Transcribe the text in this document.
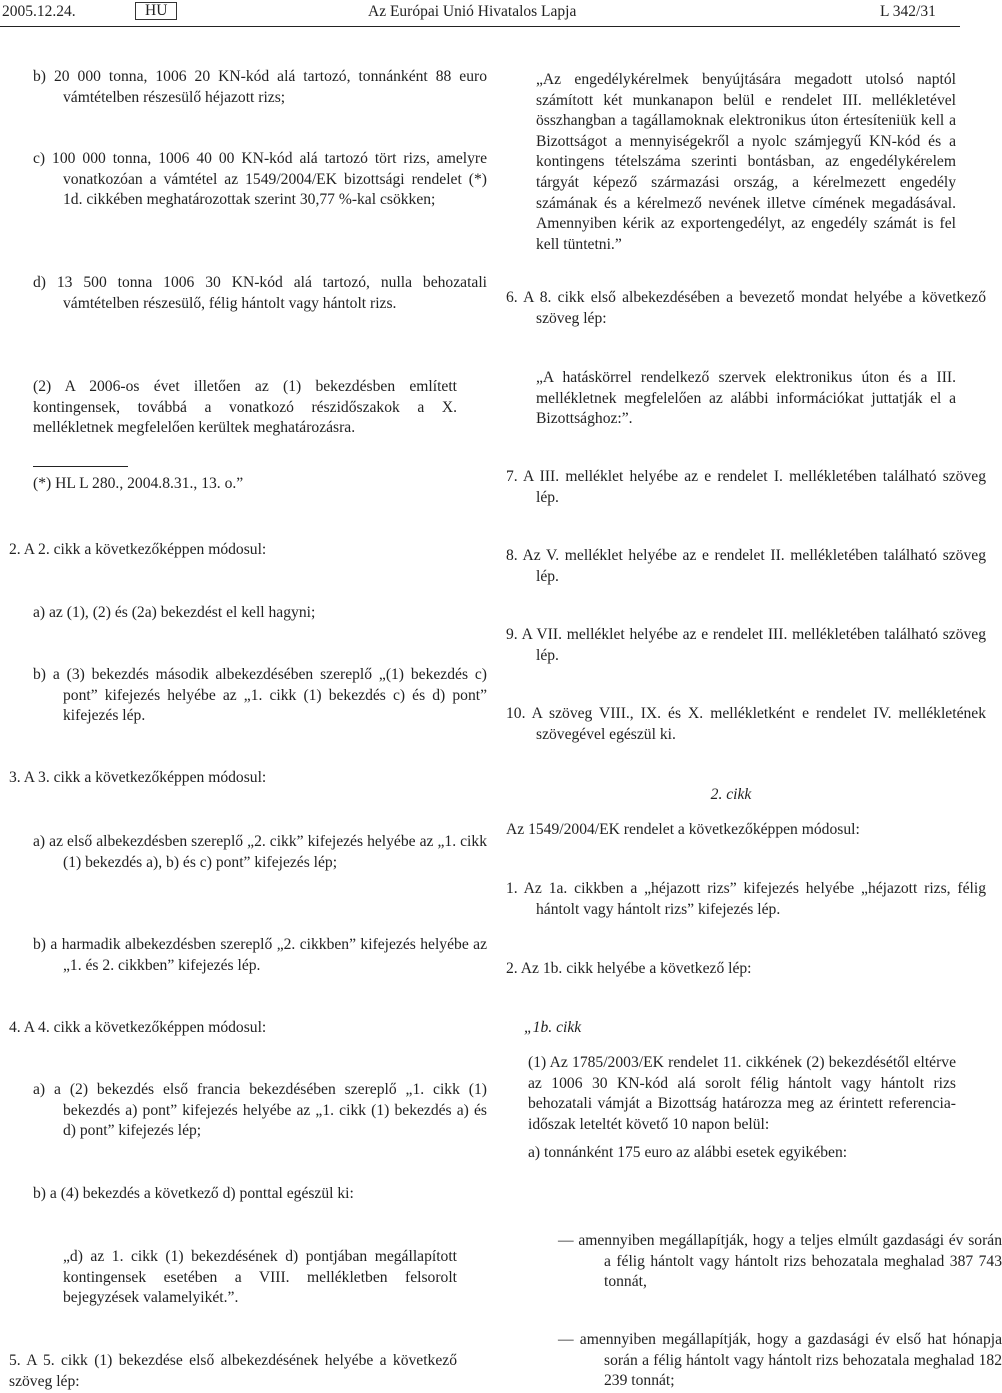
2005.12.24.	HU	Az Európai Unió Hivatalos Lapja	L 342/31
b) 20 000 tonna, 1006 20 KN-kód alá tartozó, tonnánként 88 euro vámtételben részesülő héjazott rizs;
c) 100 000 tonna, 1006 40 00 KN-kód alá tartozó tört rizs, amelyre vonatkozóan a vámtétel az 1549/2004/EK bizottsági rendelet (*) 1d. cikkében meghatározottak szerint 30,77 %-kal csökken;
d) 13 500 tonna 1006 30 KN-kód alá tartozó, nulla behozatali vámtételben részesülő, félig hántolt vagy hántolt rizs.
(2) A 2006-os évet illetően az (1) bekezdésben említett kontingensek, továbbá a vonatkozó részidőszakok a X. mellékletnek megfelelően kerültek meghatározásra.
(*) HL L 280., 2004.8.31., 13. o.”
2. A 2. cikk a következőképpen módosul:
a) az (1), (2) és (2a) bekezdést el kell hagyni;
b) a (3) bekezdés második albekezdésében szereplő „(1) bekezdés c) pont” kifejezés helyébe az „1. cikk (1) bekezdés c) és d) pont” kifejezés lép.
3. A 3. cikk a következőképpen módosul:
a) az első albekezdésben szereplő „2. cikk” kifejezés helyébe az „1. cikk (1) bekezdés a), b) és c) pont” kifejezés lép;
b) a harmadik albekezdésben szereplő „2. cikkben” kifejezés helyébe az „1. és 2. cikkben” kifejezés lép.
4. A 4. cikk a következőképpen módosul:
a) a (2) bekezdés első francia bekezdésében szereplő „1. cikk (1) bekezdés a) pont” kifejezés helyébe az „1. cikk (1) bekezdés a) és d) pont” kifejezés lép;
b) a (4) bekezdés a következő d) ponttal egészül ki:
„d) az 1. cikk (1) bekezdésének d) pontjában megállapított kontingensek esetében a VIII. mellékletben felsorolt bejegyzések valamelyikét.”.
5. A 5. cikk (1) bekezdése első albekezdésének helyébe a következő szöveg lép:
„Az engedélykérelmek benyújtására megadott utolsó naptól számított két munkanapon belül e rendelet III. mellékletével összhangban a tagállamoknak elektronikus úton értesíteniük kell a Bizottságot a mennyiségekről a nyolc számjegyű KN-kód és a kontingens tételszáma szerinti bontásban, az engedélykérelem tárgyát képező származási ország, a kérelmezett engedély számának és a kérelmező nevének illetve címének megadásával. Amennyiben kérik az exportengedélyt, az engedély számát is fel kell tüntetni.”
6. A 8. cikk első albekezdésében a bevezető mondat helyébe a következő szöveg lép:
„A hatáskörrel rendelkező szervek elektronikus úton és a III. mellékletnek megfelelően az alábbi információkat juttatják el a Bizottsághoz:”.
7. A III. melléklet helyébe az e rendelet I. mellékletében található szöveg lép.
8. Az V. melléklet helyébe az e rendelet II. mellékletében található szöveg lép.
9. A VII. melléklet helyébe az e rendelet III. mellékletében található szöveg lép.
10. A szöveg VIII., IX. és X. mellékletként e rendelet IV. mellékletének szövegével egészül ki.
2. cikk
Az 1549/2004/EK rendelet a következőképpen módosul:
1. Az 1a. cikkben a „héjazott rizs” kifejezés helyébe „héjazott rizs, félig hántolt vagy hántolt rizs” kifejezés lép.
2. Az 1b. cikk helyébe a következő lép:
„1b. cikk
(1) Az 1785/2003/EK rendelet 11. cikkének (2) bekezdésétől eltérve az 1006 30 KN-kód alá sorolt félig hántolt vagy hántolt rizs behozatali vámját a Bizottság határozza meg az érintett referencia-időszak leteltét követő 10 napon belül:
a) tonnánként 175 euro az alábbi esetek egyikében:
— amennyiben megállapítják, hogy a teljes elmúlt gazdasági év során a félig hántolt vagy hántolt rizs behozatala meghalad 387 743 tonnát,
— amennyiben megállapítják, hogy a gazdasági év első hat hónapja során a félig hántolt vagy hántolt rizs behozatala meghalad 182 239 tonnát;
